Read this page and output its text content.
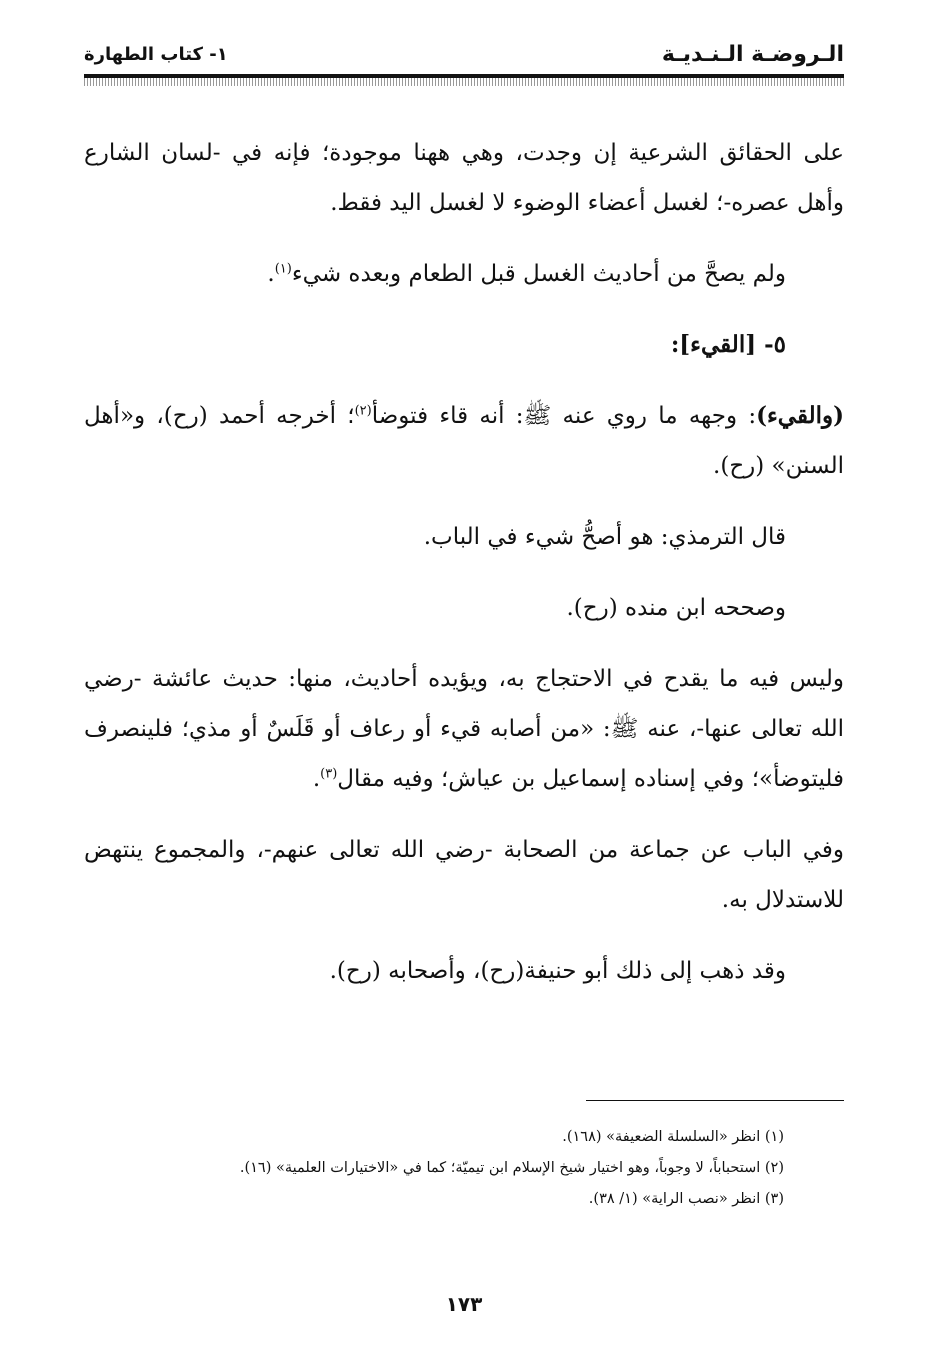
الـروضـة الـنـديـة
١- كتاب الطهارة

على الحقائق الشرعية إن وجدت، وهي ههنا موجودة؛ فإنه في -لسان الشارع وأهل عصره-؛ لغسل أعضاء الوضوء لا لغسل اليد فقط.

ولم يصحَّ من أحاديث الغسل قبل الطعام وبعده شيء$^{(١)}$.

٥- [القيء]:

(والقيء): وجهه ما روي عنه ﷺ: أنه قاء فتوضأ$^{(٢)}$؛ أخرجه أحمد (رح)، و«أهل السنن» (رح).

قال الترمذي: هو أصحُّ شيء في الباب.

وصححه ابن منده (رح).

وليس فيه ما يقدح في الاحتجاج به، ويؤيده أحاديث، منها: حديث عائشة -رضي الله تعالى عنها-، عنه ﷺ: «من أصابه قيء أو رعاف أو قَلَسٌ أو مذي؛ فلينصرف فليتوضأ»؛ وفي إسناده إسماعيل بن عياش؛ وفيه مقال$^{(٣)}$.

وفي الباب عن جماعة من الصحابة -رضي الله تعالى عنهم-، والمجموع ينتهض للاستدلال به.

وقد ذهب إلى ذلك أبو حنيفة(رح)، وأصحابه (رح).

(١) انظر «السلسلة الضعيفة» (١٦٨).

(٢) استحباباً، لا وجوباً، وهو اختيار شيخ الإسلام ابن تيميّة؛ كما في «الاختيارات العلمية» (١٦).

(٣) انظر «نصب الراية» (١/ ٣٨).

١٧٣
